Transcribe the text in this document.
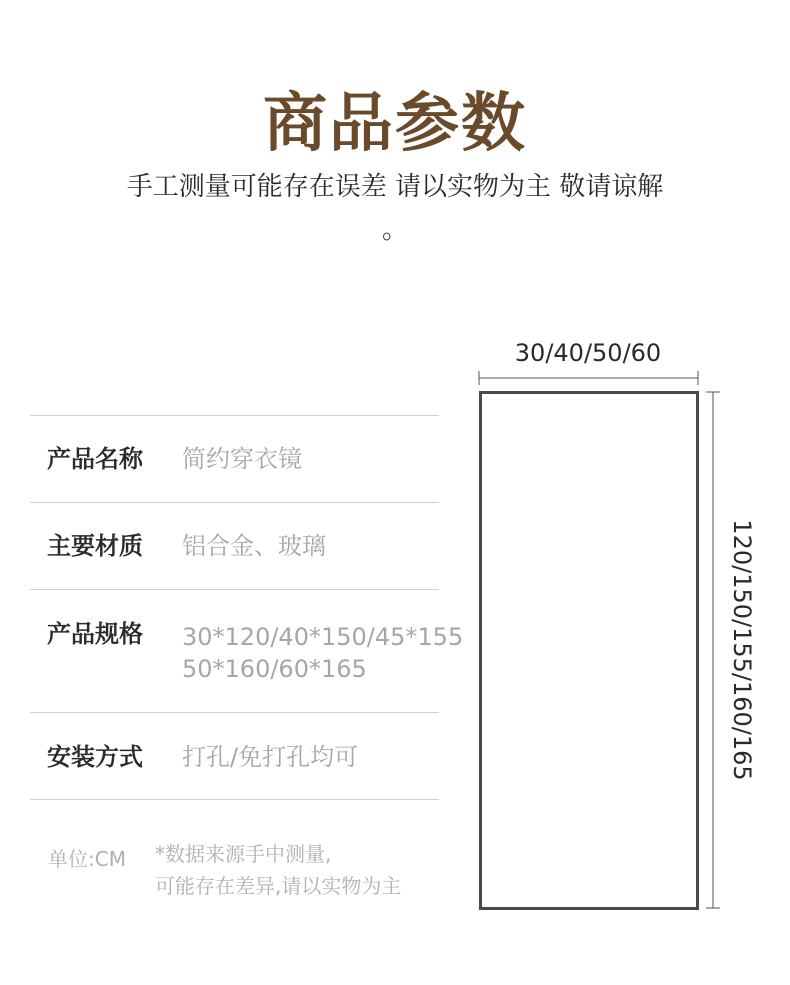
商品参数
手工测量可能存在误差 请以实物为主 敬请谅解
。
产品名称 简约穿衣镜
主要材质 铝合金、玻璃
产品规格 30*120/40*150/45*155
50*160/60*165
安装方式 打孔/免打孔均可
单位:CM *数据来源手中测量,
可能存在差异,请以实物为主
30/40/50/60
120/150/155/160/165
